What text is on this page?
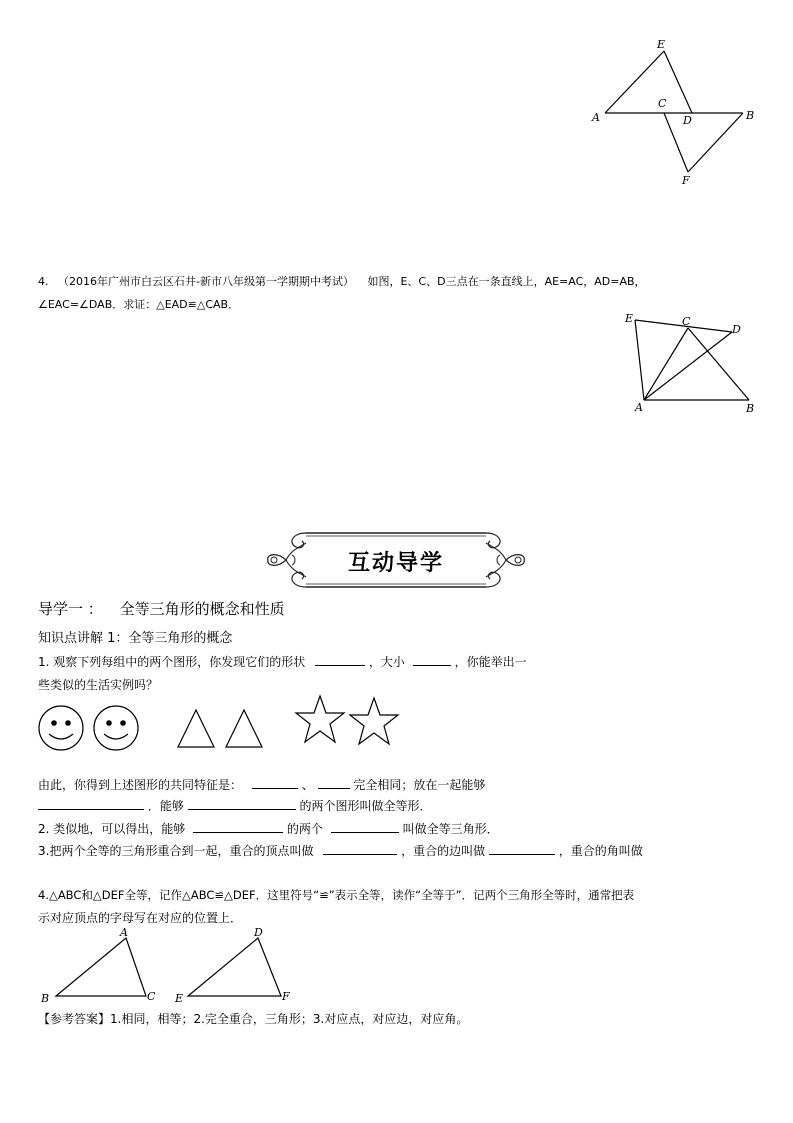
E
A
C
D	B
F
4. （2016年广州市白云区石井-新市八年级第一学期期中考试） 如图，E、C、D三点在一条直线上，AE=AC，AD=AB，
∠EAC=∠DAB．求证：△EAD≌△CAB．
E	C
D
A	B
互动导学
导学一 ： 全等三角形的概念和性质
知识点讲解 1：全等三角形的概念
1. 观察下列每组中的两个图形，你发现它们的形状	，大小	，你能举出一
些类似的生活实例吗？
由此，你得到上述图形的共同特征是：	、	完全相同；放在一起能够
．能够	的两个图形叫做全等形．
2. 类似地，可以得出，能够	的两个	叫做全等三角形．
3.把两个全等的三角形重合到一起，重合的顶点叫做	，重合的边叫做	，重合的角叫做
4.△ABC和△DEF全等，记作△ABC≌△DEF．这里符号“≌”表示全等，读作“全等于”．记两个三角形全等时，通常把表
示对应顶点的字母写在对应的位置上．
A
B	C
D
E	F
【参考答案】1.相同，相等；2.完全重合，三角形；3.对应点，对应边，对应角。
